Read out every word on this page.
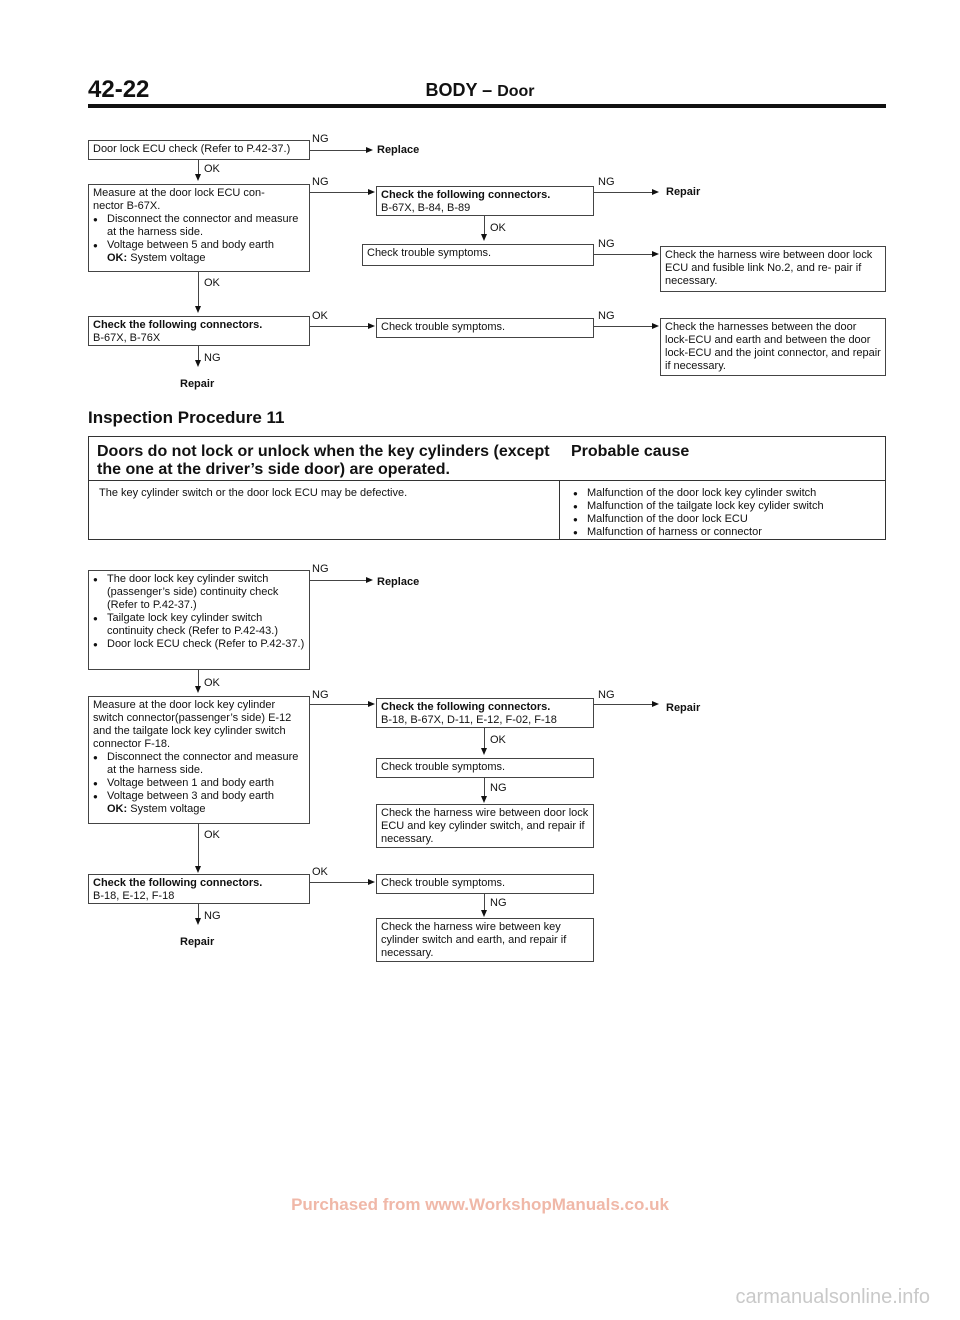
42-22	BODY – Door
Door lock ECU check (Refer to P.42-37.)
NG
Replace
OK
Measure at the door lock ECU con-
nector B-67X.
● Disconnect the connector and measure at the harness side.
● Voltage between 5 and body earth
OK: System voltage
NG
Check the following connectors.
B-67X, B-84, B-89
NG
Repair
OK
Check trouble symptoms.
NG
Check the harness wire between door lock ECU and fusible link No.2, and re- pair if necessary.
OK
Check the following connectors.
B-67X, B-76X
OK
Check trouble symptoms.
NG
Check the harnesses between the door lock-ECU and earth and between the door lock-ECU and the joint connector, and repair if necessary.
NG
Repair
Inspection Procedure 11
Doors do not lock or unlock when the key cylinders (except the one at the driver’s side door) are operated.
Probable cause
The key cylinder switch or the door lock ECU may be defective.
●	Malfunction of the door lock key cylinder switch
● Malfunction of the tailgate lock key cylider switch
● Malfunction of the door lock ECU
● Malfunction of harness or connector
● The door lock key cylinder switch (passenger’s side) continuity check (Refer to P.42-37.)
● Tailgate lock key cylinder switch continuity check (Refer to P.42-43.)
● Door lock ECU check (Refer to P.42-37.)
NG
Replace
OK
Measure at the door lock key cylinder switch connector(passenger’s side) E-12 and the tailgate lock key cylinder switch connector F-18.
● Disconnect the connector and measure at the harness side.
● Voltage between 1 and body earth
● Voltage between 3 and body earth
OK: System voltage
NG
Check the following connectors.
B-18, B-67X, D-11, E-12, F-02, F-18
NG
Repair
OK
Check trouble symptoms.
NG
Check the harness wire between door lock ECU and key cylinder switch, and repair if necessary.
OK
Check the following connectors.
B-18, E-12, F-18
OK
Check trouble symptoms.
NG
Check the harness wire between key cylinder switch and earth, and repair if necessary.
NG
Repair
Purchased from www.WorkshopManuals.co.uk
carmanualsonline.info
